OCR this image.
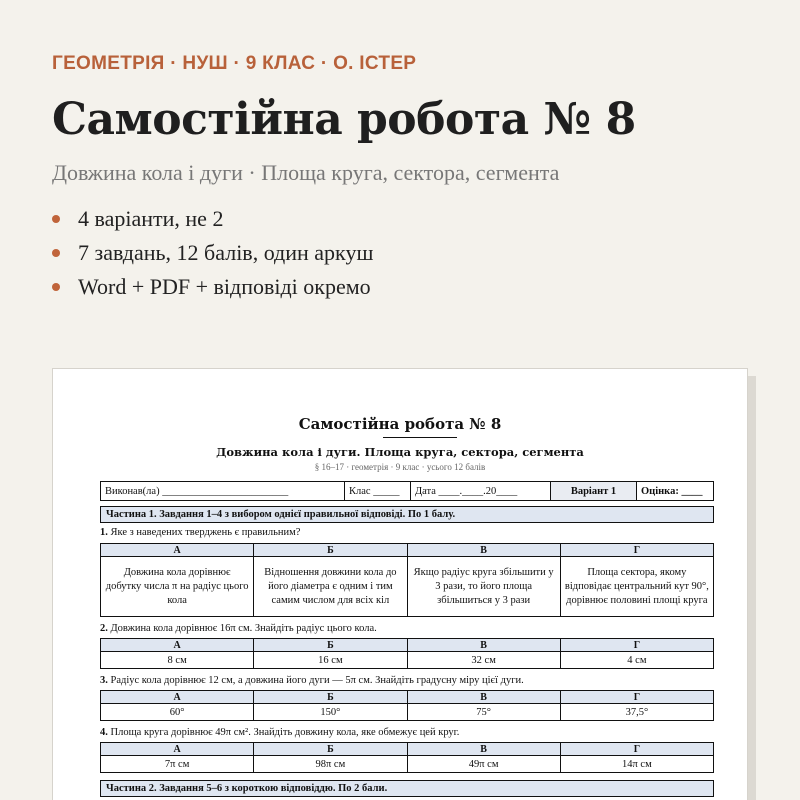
ГЕОМЕТРІЯ · НУШ · 9 КЛАС · О. ІСТЕР
Самостійна робота № 8
Довжина кола і дуги · Площа круга, сектора, сегмента
4 варіанти, не 2
7 завдань, 12 балів, один аркуш
Word + PDF + відповіді окремо
Самостійна робота № 8
Довжина кола і дуги. Площа круга, сектора, сегмента
§ 16–17 · геометрія · 9 клас · усього 12 балів
Виконав(ла) ________________________	Клас _____	Дата ____.____.20____	Варіант 1	Оцінка: ____
Частина 1. Завдання 1–4 з вибором однієї правильної відповіді. По 1 балу.
1. Яке з наведених тверджень є правильним?
А	Б	В	Г
Довжина кола дорівнює добутку числа π на радіус цього кола	Відношення довжини кола до його діаметра є одним і тим самим числом для всіх кіл	Якщо радіус круга збільшити у 3 рази, то його площа збільшиться у 3 рази	Площа сектора, якому відповідає центральний кут 90°, дорівнює половині площі круга
2. Довжина кола дорівнює 16π см. Знайдіть радіус цього кола.
А	Б	В	Г
8 см	16 см	32 см	4 см
3. Радіус кола дорівнює 12 см, а довжина його дуги — 5π см. Знайдіть градусну міру цієї дуги.
А	Б	В	Г
60°	150°	75°	37,5°
4. Площа круга дорівнює 49π см². Знайдіть довжину кола, яке обмежує цей круг.
А	Б	В	Г
7π см	98π см	49π см	14π см
Частина 2. Завдання 5–6 з короткою відповіддю. По 2 бали.
